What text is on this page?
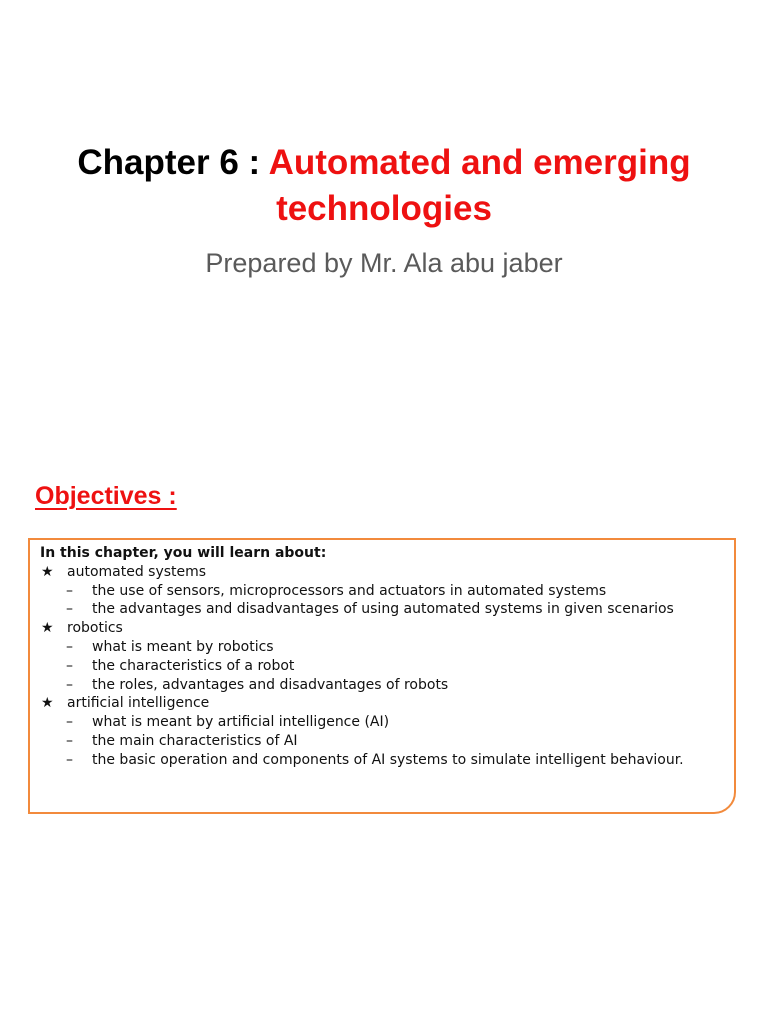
Chapter 6 : Automated and emerging
technologies
Prepared by Mr. Ala abu jaber
Objectives :
In this chapter, you will learn about:
★ automated systems
–	the use of sensors, microprocessors and actuators in automated systems
–	the advantages and disadvantages of using automated systems in given scenarios
★ robotics
–	what is meant by robotics
–	the characteristics of a robot
–	the roles, advantages and disadvantages of robots
★ artificial intelligence
–	what is meant by artificial intelligence (AI)
–	the main characteristics of AI
–	the basic operation and components of AI systems to simulate intelligent behaviour.
